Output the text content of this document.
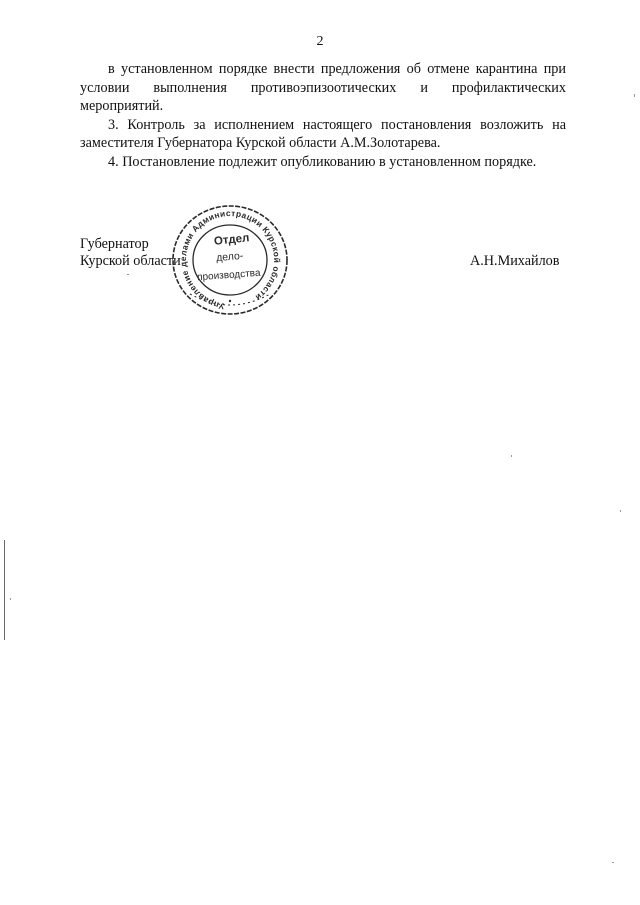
2

в установленном порядке внести предложения об отмене карантина при условии выполнения противоэпизоотических и профилактических мероприятий.

3. Контроль за исполнением настоящего постановления возложить на заместителя Губернатора Курской области А.М.Золотарева.

4. Постановление подлежит опубликованию в установленном порядке.

Губернатор
Курской области	А.Н.Михайлов
Управление делами Администрации Курской области
Отдел
дело-
производства
